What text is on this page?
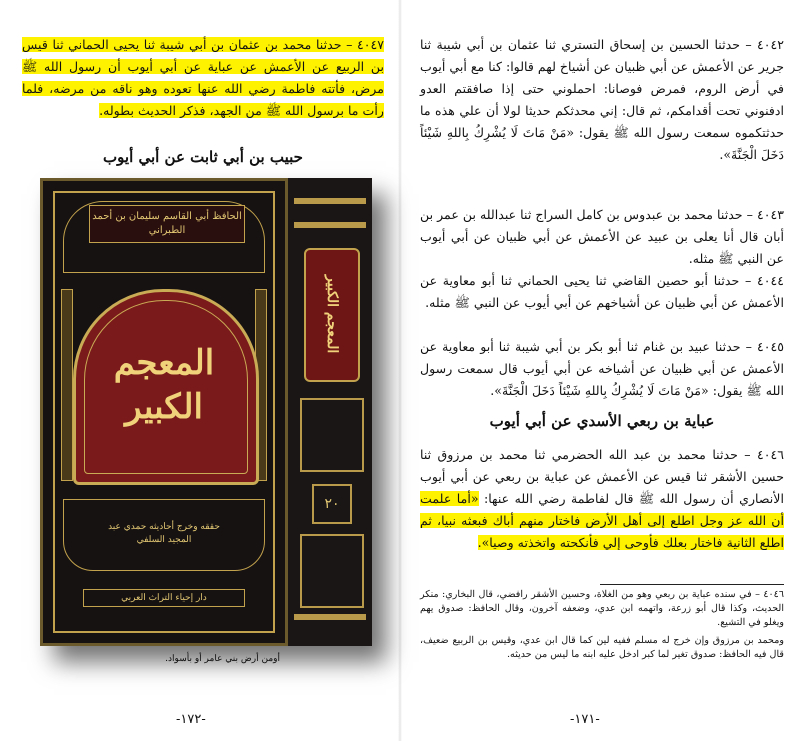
٤٠٤٢ – حدثنا الحسين بن إسحاق التستري ثنا عثمان بن أبي شيبة ثنا جرير عن الأعمش عن أبي ظبيان عن أشياخ لهم قالوا: كنا مع أبي أيوب في أرض الروم، فمرض فوصانا: احملوني حتى إذا صافقتم العدو ادفنوني تحت أقدامكم، ثم قال: إني محدثكم حديثا لولا أن علي هذه ما حدثتكموه سمعت رسول الله ﷺ يقول: «مَنْ مَاتَ لَا يُشْرِكُ بِاللهِ شَيْئاً دَخَلَ الْجَنَّةَ».
٤٠٤٣ – حدثنا محمد بن عبدوس بن كامل السراج ثنا عبدالله بن عمر بن أبان قال أنا يعلى بن عبيد عن الأعمش عن أبي ظبيان عن أبي أيوب عن النبي ﷺ مثله.
٤٠٤٤ – حدثنا أبو حصين القاضي ثنا يحيى الحماني ثنا أبو معاوية عن الأعمش عن أبي ظبيان عن أشياخهم عن أبي أيوب عن النبي ﷺ مثله.
٤٠٤٥ – حدثنا عبيد بن غنام ثنا أبو بكر بن أبي شيبة ثنا أبو معاوية عن الأعمش عن أبي ظبيان عن أشياخه عن أبي أيوب قال سمعت رسول الله ﷺ يقول: «مَنْ مَاتَ لَا يُشْرِكُ بِاللهِ شَيْئاً دَخَلَ الْجَنَّةَ».
عباية بن ربعي الأسدي عن أبي أيوب
٤٠٤٦ – حدثنا محمد بن عبد الله الحضرمي ثنا محمد بن مرزوق ثنا حسين الأشقر ثنا قيس عن الأعمش عن عباية بن ربعي عن أبي أيوب الأنصاري أن رسول الله ﷺ قال لفاطمة رضي الله عنها: «أما علمت أن الله عز وجل اطلع إلى أهل الأرض فاختار منهم أباك فبعثه نبيا، ثم اطلع الثانية فاختار بعلك فأوحى إلي فأنكحته واتخذته وصيا».
٤٠٤٦ – في سنده عباية بن ربعي وهو من الغلاة، وحسين الأشقر رافضي، قال البخاري: منكر الحديث، وكذا قال أبو زرعة، واتهمه ابن عدي، وضعفه آخرون، وقال الحافظ: صدوق يهم ويغلو في التشيع.
ومحمد بن مرزوق وإن خرج له مسلم ففيه لين كما قال ابن عدي، وقيس بن الربيع ضعيف، قال فيه الحافظ: صدوق تغير لما كبر ادخل عليه ابنه ما ليس من حديثه.
-١٧١-
٤٠٤٧ – حدثنا محمد بن عثمان بن أبي شيبة ثنا يحيى الحماني ثنا قيس بن الربيع عن الأعمش عن عباية عن أبي أيوب أن رسول الله ﷺ مرض، فأتته فاطمة رضي الله عنها تعوده وهو ناقه من مرضه، فلما رأت ما برسول الله ﷺ من الجهد، فذكر الحديث بطوله.
حبيب بن أبي ثابت عن أبي أيوب
أومن أرض بني عامر أو بأسواد.
-١٧٢-
الحافظ أبي القاسم سليمان بن أحمد الطبراني
المعجم الكبير
حققه وخرج أحاديثه حمدي عبد المجيد السلفي
دار إحياء التراث العربي
المعجم الكبير
٢٠
